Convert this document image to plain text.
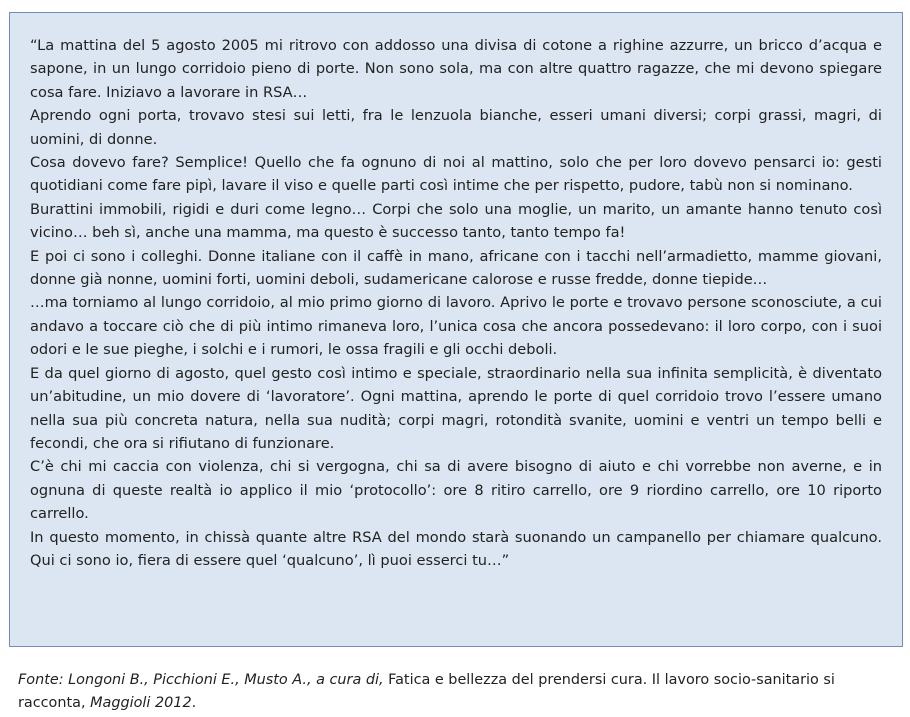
“La mattina del 5 agosto 2005 mi ritrovo con addosso una divisa di cotone a righine azzurre, un bricco d’acqua e sapone, in un lungo corridoio pieno di porte. Non sono sola, ma con altre quattro ragazze, che mi devono spiegare cosa fare. Iniziavo a lavorare in RSA…

Aprendo ogni porta, trovavo stesi sui letti, fra le lenzuola bianche, esseri umani diversi; corpi grassi, magri, di uomini, di donne.

Cosa dovevo fare? Semplice! Quello che fa ognuno di noi al mattino, solo che per loro dovevo pensarci io: gesti quotidiani come fare pipì, lavare il viso e quelle parti così intime che per rispetto, pudore, tabù non si nominano.

Burattini immobili, rigidi e duri come legno… Corpi che solo una moglie, un marito, un amante hanno tenuto così vicino… beh sì, anche una mamma, ma questo è successo tanto, tanto tempo fa!

E poi ci sono i colleghi. Donne italiane con il caffè in mano, africane con i tacchi nell’armadietto, mamme giovani, donne già nonne, uomini forti, uomini deboli, sudamericane calorose e russe fredde, donne tiepide…

…ma torniamo al lungo corridoio, al mio primo giorno di lavoro. Aprivo le porte e trovavo persone sconosciute, a cui andavo a toccare ciò che di più intimo rimaneva loro, l’unica cosa che ancora possedevano: il loro corpo, con i suoi odori e le sue pieghe, i solchi e i rumori, le ossa fragili e gli occhi deboli.

E da quel giorno di agosto, quel gesto così intimo e speciale, straordinario nella sua infinita semplicità, è diventato un’abitudine, un mio dovere di ‘lavoratore’. Ogni mattina, aprendo le porte di quel corridoio trovo l’essere umano nella sua più concreta natura, nella sua nudità; corpi magri, rotondità svanite, uomini e ventri un tempo belli e fecondi, che ora si rifiutano di funzionare.

C’è chi mi caccia con violenza, chi si vergogna, chi sa di avere bisogno di aiuto e chi vorrebbe non averne, e in ognuna di queste realtà io applico il mio ‘protocollo’: ore 8 ritiro carrello, ore 9 riordino carrello, ore 10 riporto carrello.

In questo momento, in chissà quante altre RSA del mondo starà suonando un campanello per chiamare qualcuno. Qui ci sono io, fiera di essere quel ‘qualcuno’, lì puoi esserci tu…”

Fonte: Longoni B., Picchioni E., Musto A., a cura di, Fatica e bellezza del prendersi cura. Il lavoro socio-sanitario si racconta, Maggioli 2012.
